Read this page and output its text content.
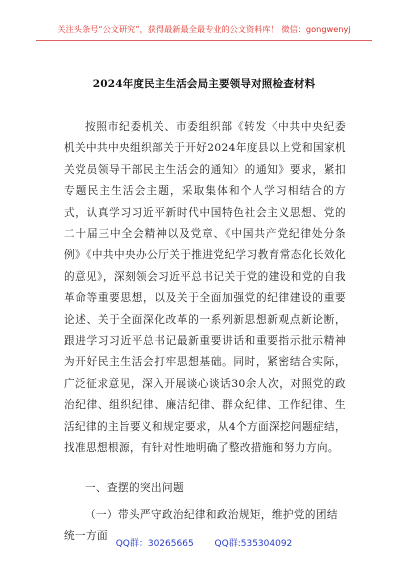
关注头条号“公文研究”，获得最新最全最专业的公文资料库！ 微信：gongwenyj
2024年度民主生活会局主要领导对照检查材料

按照市纪委机关、市委组织部《转发〈中共中央纪委机关中共中央组织部关于开好2024年度县以上党和国家机关党员领导干部民主生活会的通知〉的通知》要求，紧扣专题民主生活会主题，采取集体和个人学习相结合的方式，认真学习习近平新时代中国特色社会主义思想、党的二十届三中全会精神以及党章、《中国共产党纪律处分条例》《中共中央办公厅关于推进党纪学习教育常态化长效化的意见》，深刻领会习近平总书记关于党的建设和党的自我革命等重要思想，以及关于全面加强党的纪律建设的重要论述、关于全面深化改革的一系列新思想新观点新论断，跟进学习习近平总书记最新重要讲话和重要指示批示精神为开好民主生活会打牢思想基础。同时，紧密结合实际，广泛征求意见，深入开展谈心谈话30余人次，对照党的政治纪律、组织纪律、廉洁纪律、群众纪律、工作纪律、生活纪律的主旨要义和规定要求，从4个方面深挖问题症结，找准思想根源，有针对性地明确了整改措施和努力方向。

一、查摆的突出问题
（一）带头严守政治纪律和政治规矩，维护党的团结统一方面
QQ群：30265665 QQ群:535304092
